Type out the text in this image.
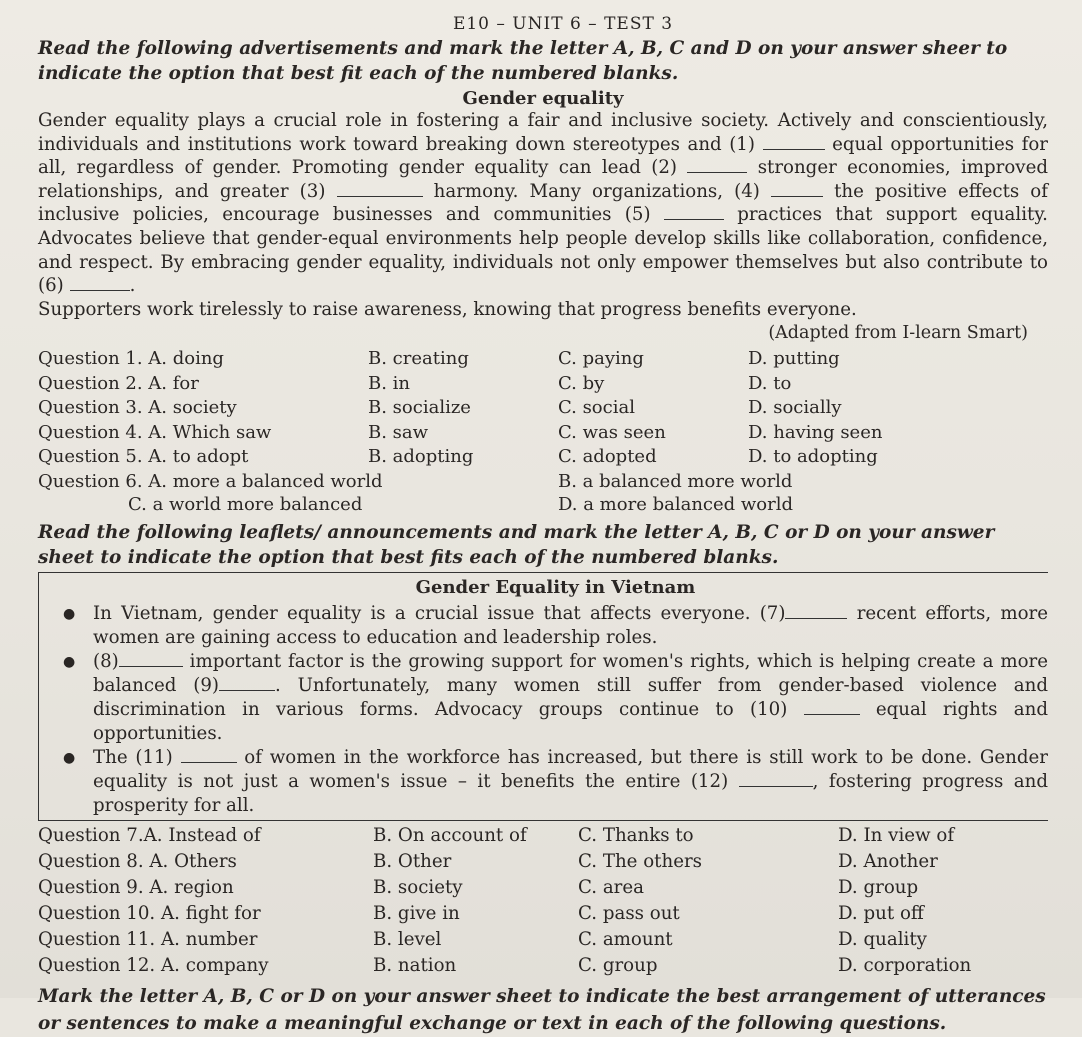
E10 – UNIT 6 – TEST 3
Read the following advertisements and mark the letter A, B, C and D on your answer sheer to indicate the option that best fit each of the numbered blanks.
Gender equality

Gender equality plays a crucial role in fostering a fair and inclusive society. Actively and conscientiously, individuals and institutions work toward breaking down stereotypes and (1)	equal opportunities for all, regardless of gender. Promoting gender equality can lead (2)	stronger economies, improved relationships, and greater (3)	harmony. Many organizations, (4)	the positive effects of inclusive policies, encourage businesses and communities (5)	practices that support equality. Advocates believe that gender-equal environments help people develop skills like collaboration, confidence, and respect. By embracing gender equality, individuals not only empower themselves but also contribute to (6)	.

Supporters work tirelessly to raise awareness, knowing that progress benefits everyone.

(Adapted from I-learn Smart)
Question 1. A. doing	B. creating	C. paying	D. putting
Question 2. A. for	B. in	C. by	D. to
Question 3. A. society	B. socialize	C. social	D. socially
Question 4. A. Which saw	B. saw	C. was seen	D. having seen
Question 5. A. to adopt	B. adopting	C. adopted	D. to adopting
Question 6. A. more a balanced world	B. a balanced more world
C. a world more balanced	D. a more balanced world
Read the following leaflets/ announcements and mark the letter A, B, C or D on your answer sheet to indicate the option that best fits each of the numbered blanks.
Gender Equality in Vietnam
● In Vietnam, gender equality is a crucial issue that affects everyone. (7)	recent efforts, more women are gaining access to education and leadership roles.
● (8)	important factor is the growing support for women's rights, which is helping create a more balanced (9)	. Unfortunately, many women still suffer from gender-based violence and discrimination in various forms. Advocacy groups continue to (10)	equal rights and opportunities.
● The (11)	of women in the workforce has increased, but there is still work to be done. Gender equality is not just a women's issue – it benefits the entire (12)	, fostering progress and prosperity for all.
Question 7.A. Instead of	B. On account of	C. Thanks to	D. In view of
Question 8. A. Others	B. Other	C. The others	D. Another
Question 9. A. region	B. society	C. area	D. group
Question 10. A. fight for	B. give in	C. pass out	D. put off
Question 11. A. number	B. level	C. amount	D. quality
Question 12. A. company	B. nation	C. group	D. corporation
Mark the letter A, B, C or D on your answer sheet to indicate the best arrangement of utterances or sentences to make a meaningful exchange or text in each of the following questions.
